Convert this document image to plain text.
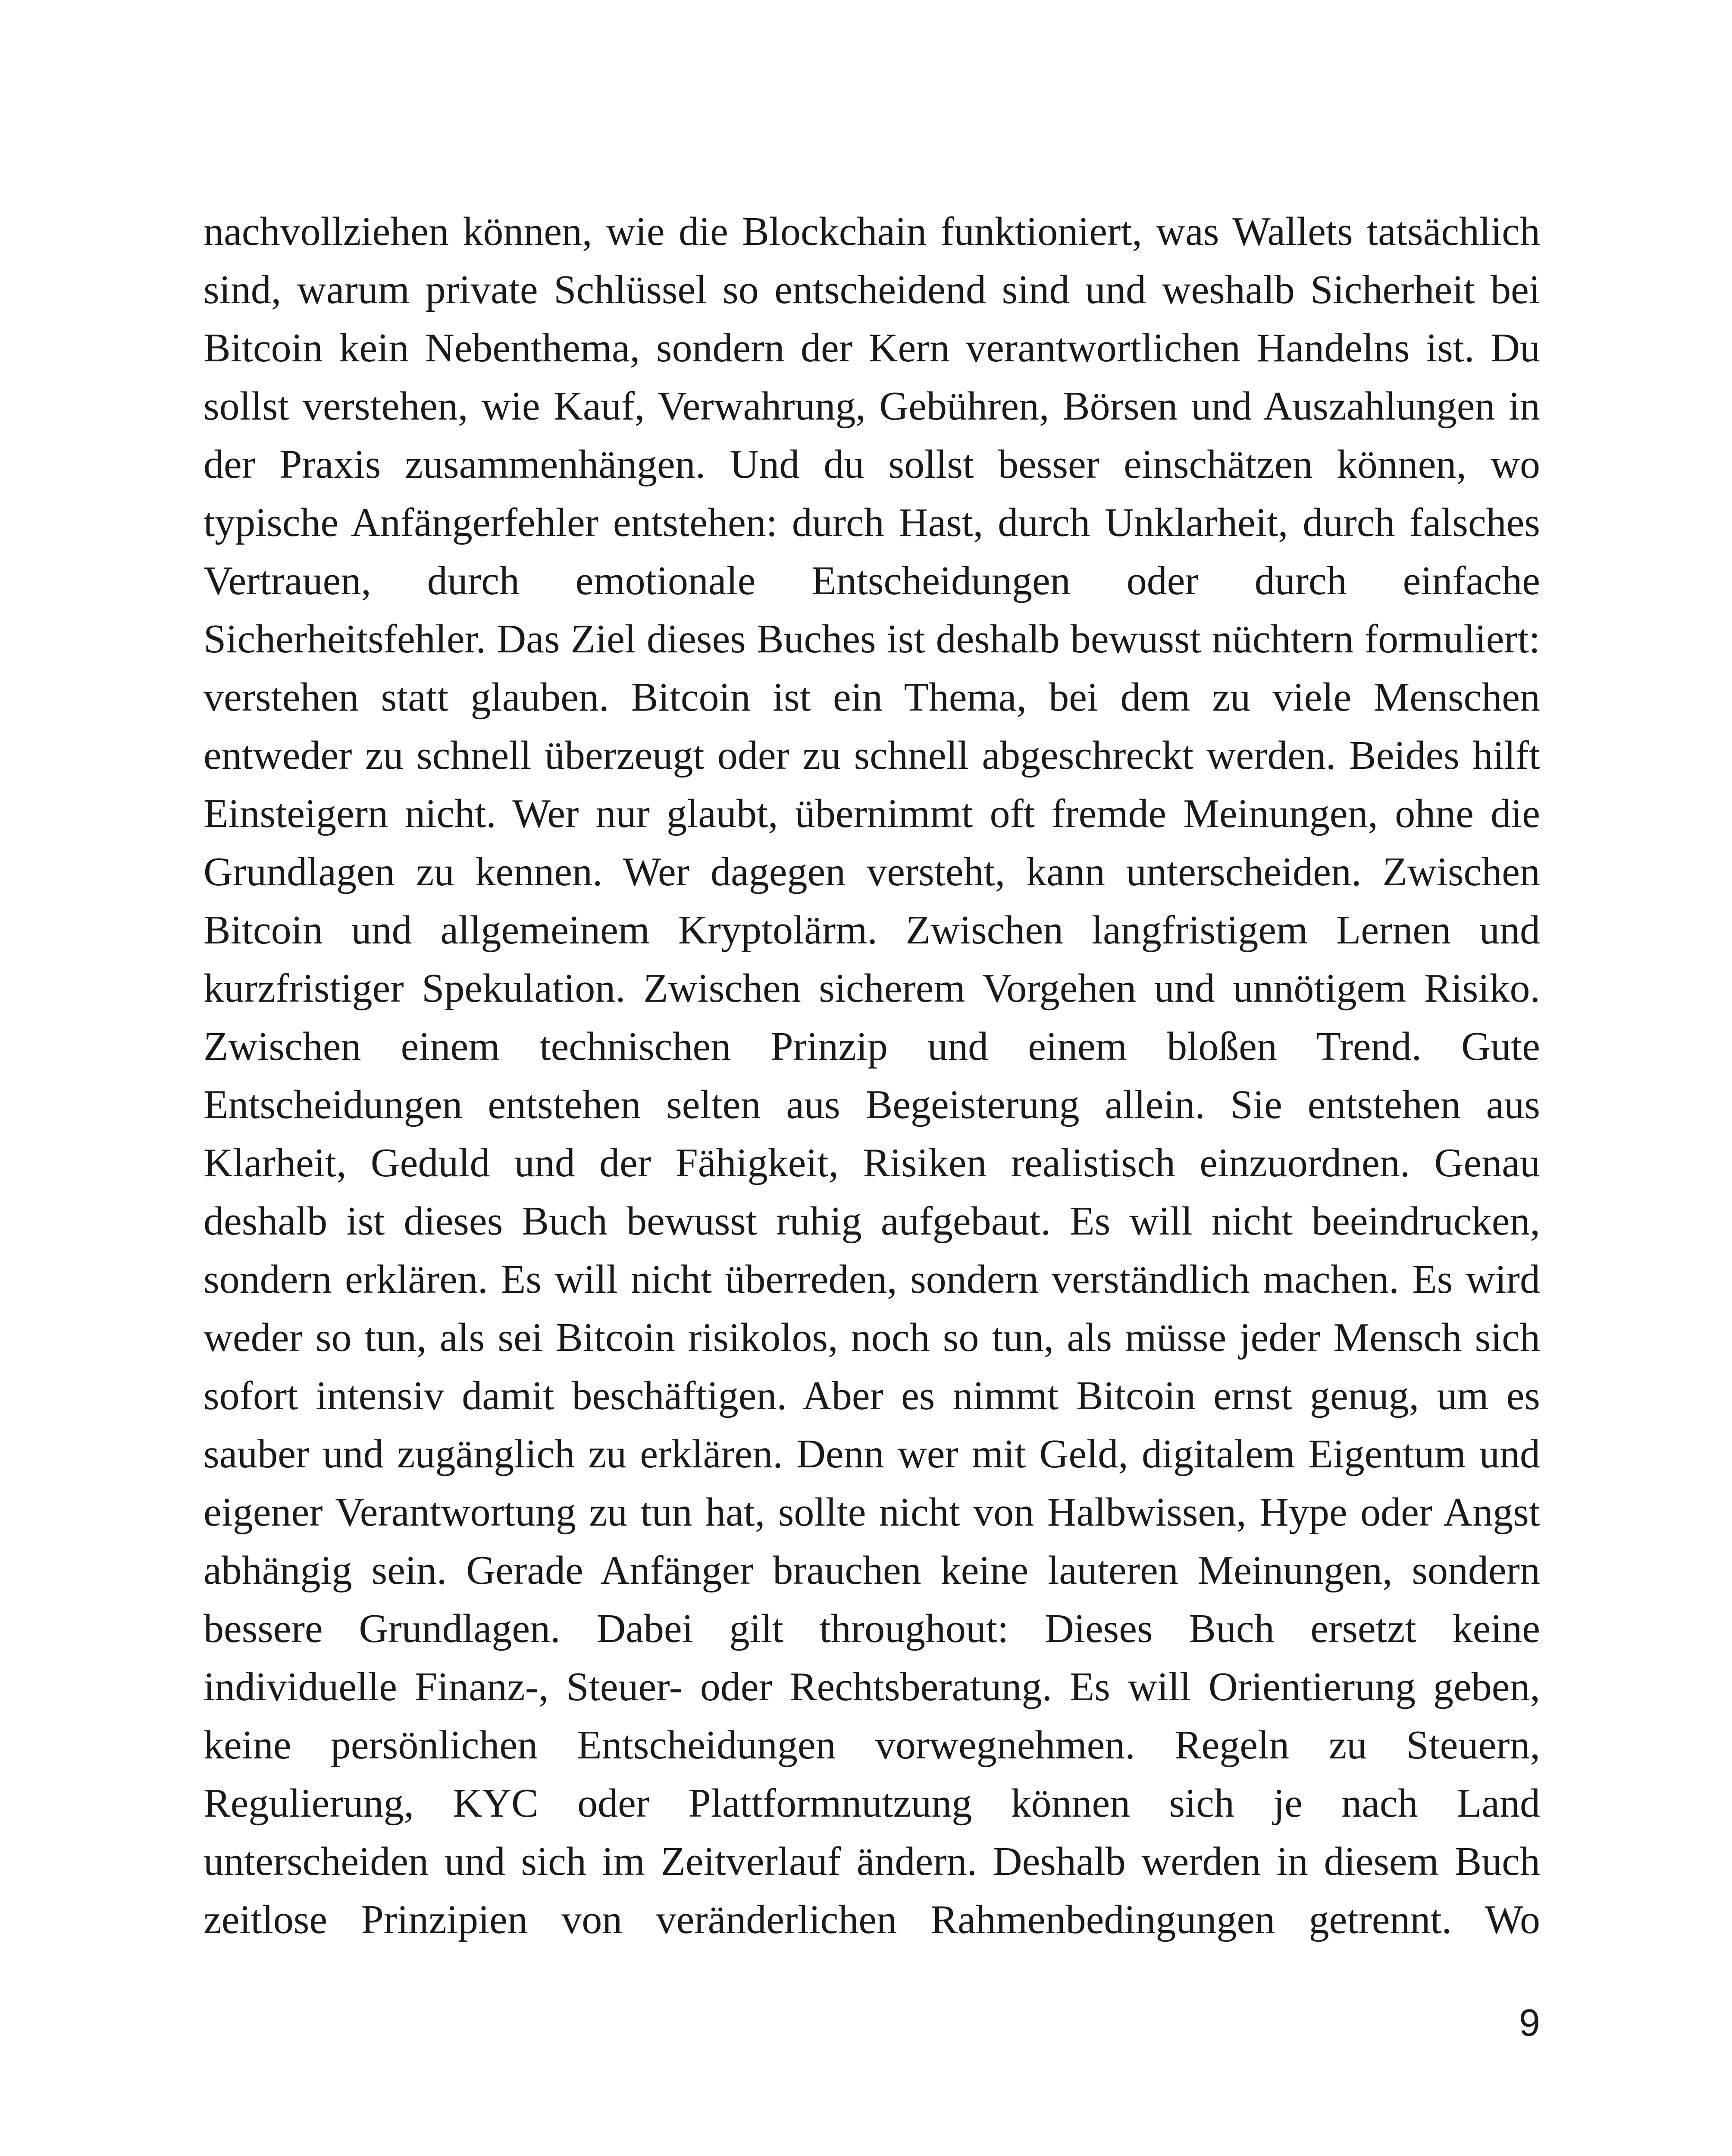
nachvollziehen können, wie die Blockchain funktioniert, was Wallets tatsächlich
sind, warum private Schlüssel so entscheidend sind und weshalb Sicherheit bei
Bitcoin kein Nebenthema, sondern der Kern verantwortlichen Handelns ist. Du
sollst verstehen, wie Kauf, Verwahrung, Gebühren, Börsen und Auszahlungen in
der Praxis zusammenhängen. Und du sollst besser einschätzen können, wo
typische Anfängerfehler entstehen: durch Hast, durch Unklarheit, durch falsches
Vertrauen, durch emotionale Entscheidungen oder durch einfache
Sicherheitsfehler. Das Ziel dieses Buches ist deshalb bewusst nüchtern formuliert:
verstehen statt glauben. Bitcoin ist ein Thema, bei dem zu viele Menschen
entweder zu schnell überzeugt oder zu schnell abgeschreckt werden. Beides hilft
Einsteigern nicht. Wer nur glaubt, übernimmt oft fremde Meinungen, ohne die
Grundlagen zu kennen. Wer dagegen versteht, kann unterscheiden. Zwischen
Bitcoin und allgemeinem Kryptolärm. Zwischen langfristigem Lernen und
kurzfristiger Spekulation. Zwischen sicherem Vorgehen und unnötigem Risiko.
Zwischen einem technischen Prinzip und einem bloßen Trend. Gute
Entscheidungen entstehen selten aus Begeisterung allein. Sie entstehen aus
Klarheit, Geduld und der Fähigkeit, Risiken realistisch einzuordnen. Genau
deshalb ist dieses Buch bewusst ruhig aufgebaut. Es will nicht beeindrucken,
sondern erklären. Es will nicht überreden, sondern verständlich machen. Es wird
weder so tun, als sei Bitcoin risikolos, noch so tun, als müsse jeder Mensch sich
sofort intensiv damit beschäftigen. Aber es nimmt Bitcoin ernst genug, um es
sauber und zugänglich zu erklären. Denn wer mit Geld, digitalem Eigentum und
eigener Verantwortung zu tun hat, sollte nicht von Halbwissen, Hype oder Angst
abhängig sein. Gerade Anfänger brauchen keine lauteren Meinungen, sondern
bessere Grundlagen. Dabei gilt throughout: Dieses Buch ersetzt keine
individuelle Finanz-, Steuer- oder Rechtsberatung. Es will Orientierung geben,
keine persönlichen Entscheidungen vorwegnehmen. Regeln zu Steuern,
Regulierung, KYC oder Plattformnutzung können sich je nach Land
unterscheiden und sich im Zeitverlauf ändern. Deshalb werden in diesem Buch
zeitlose Prinzipien von veränderlichen Rahmenbedingungen getrennt. Wo
9
